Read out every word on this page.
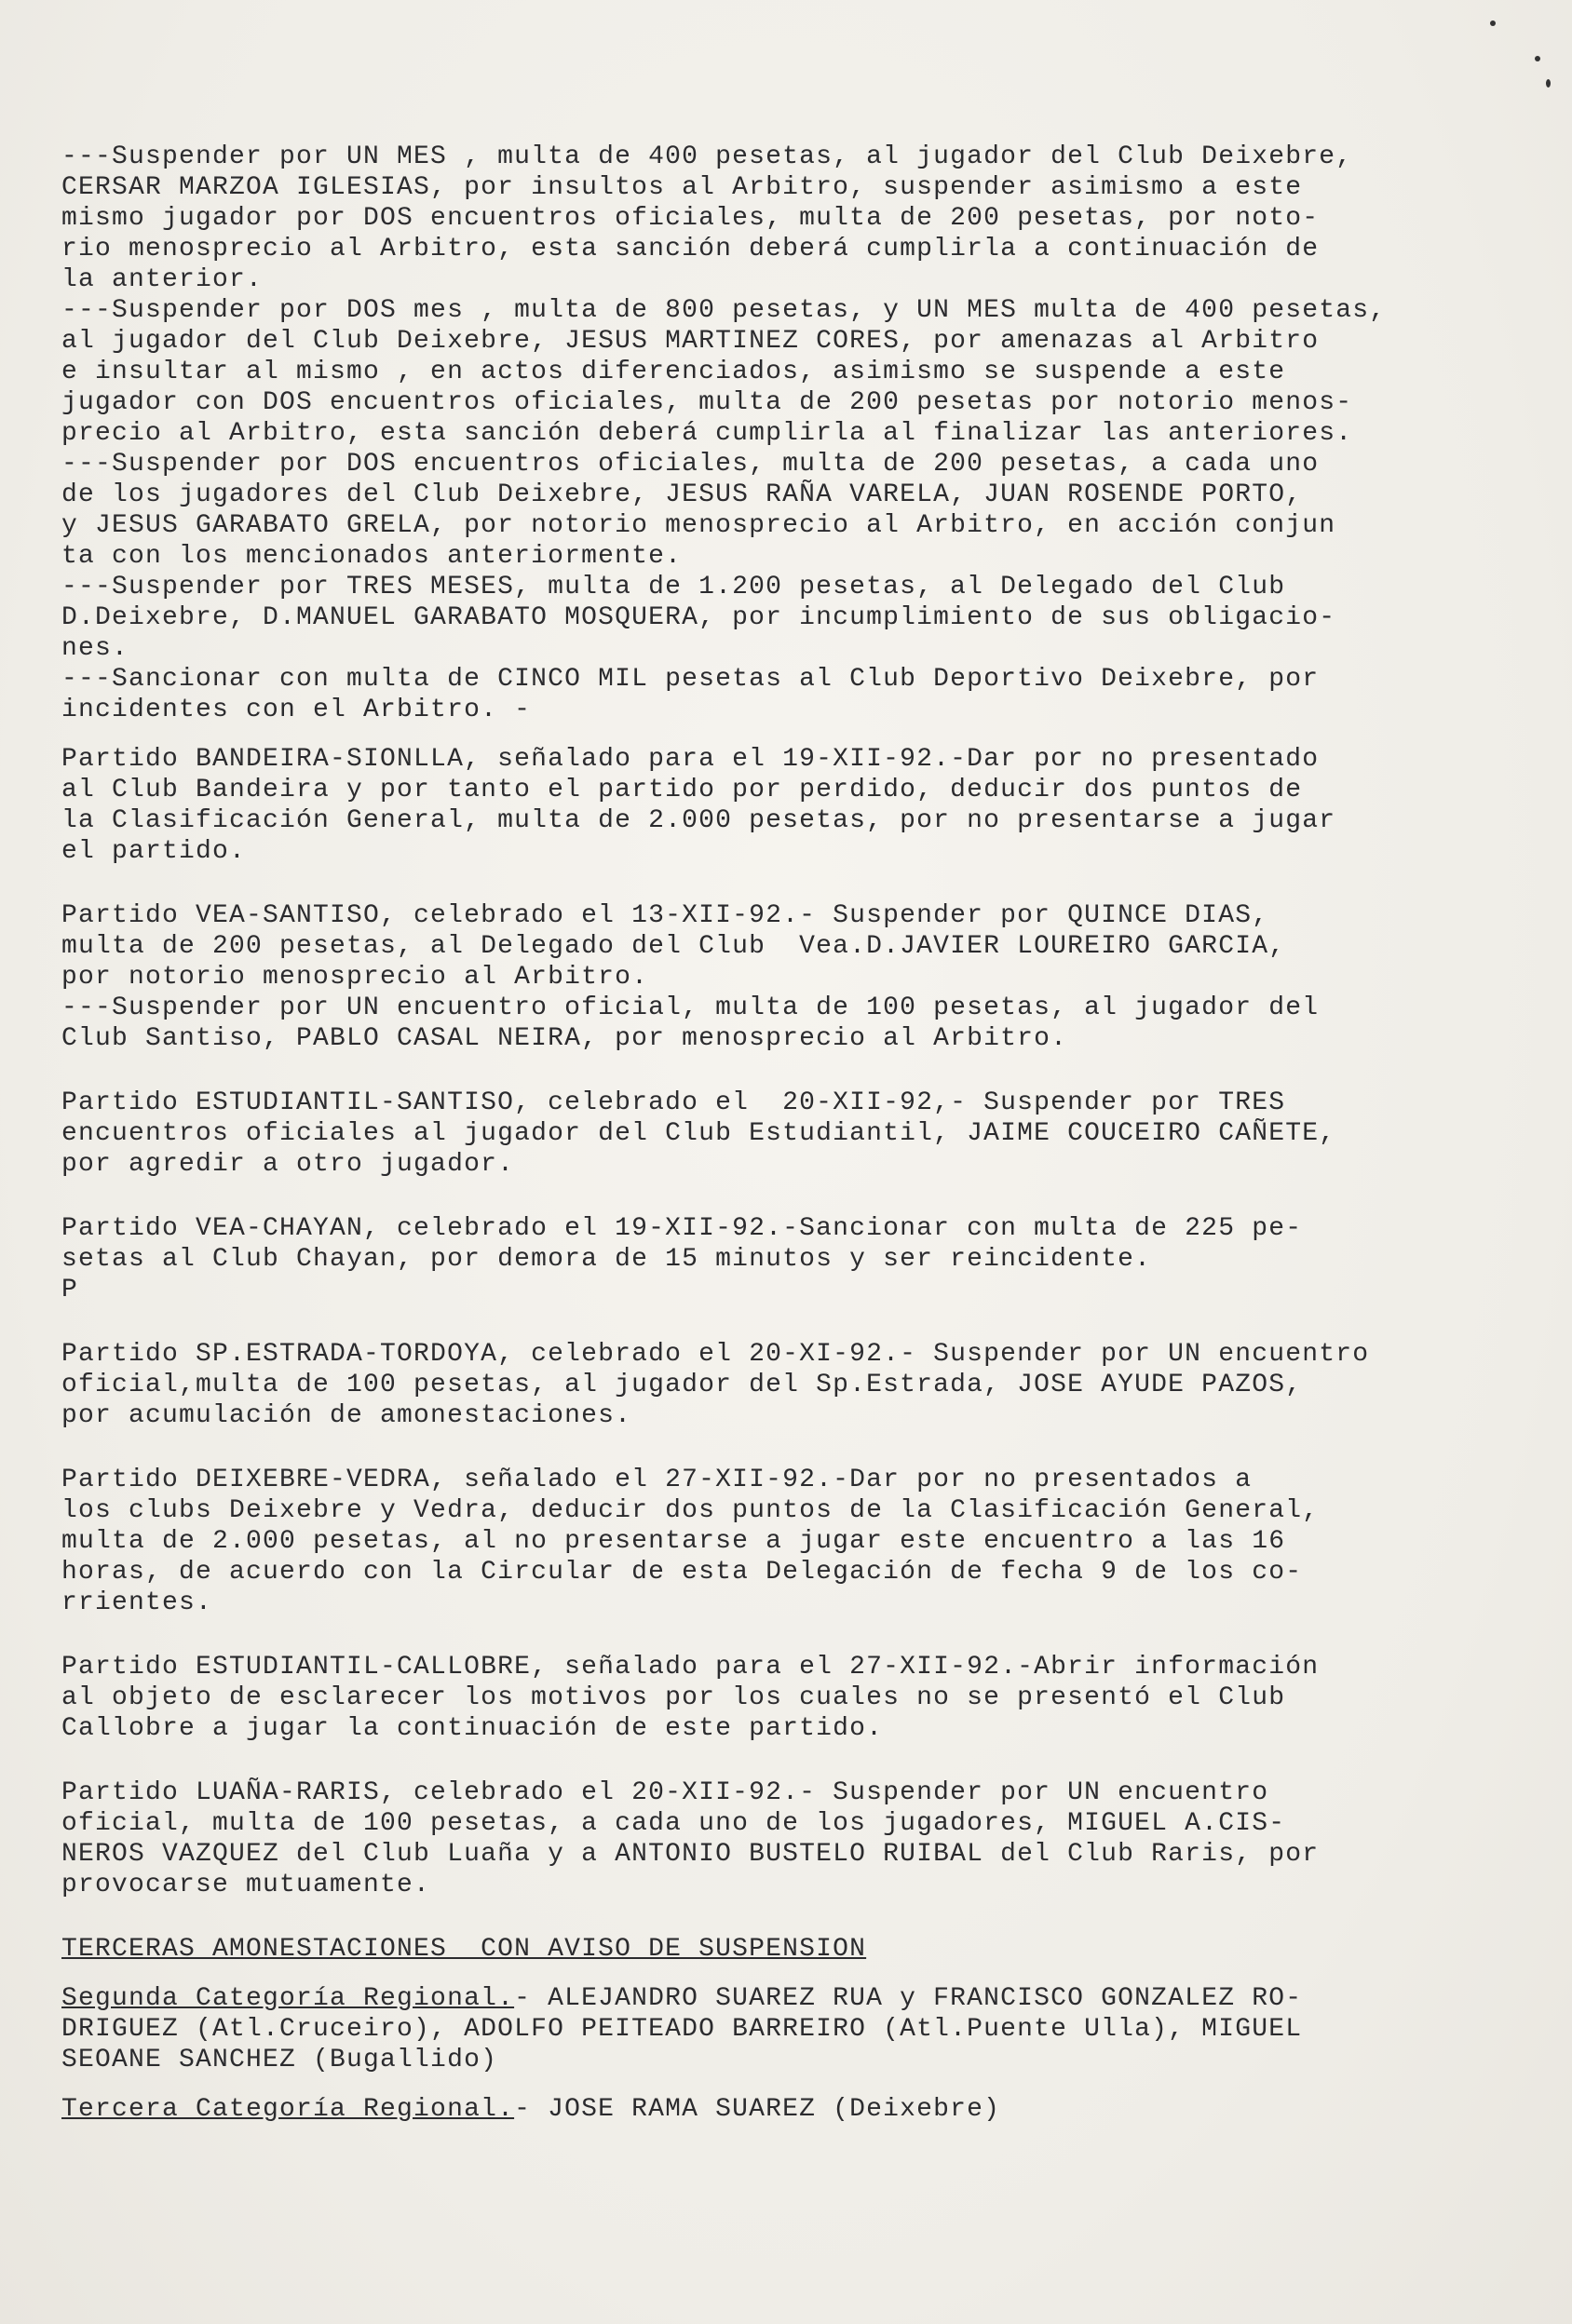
---Suspender por UN MES , multa de 400 pesetas, al jugador del Club Deixebre,
CERSAR MARZOA IGLESIAS, por insultos al Arbitro, suspender asimismo a este
mismo jugador por DOS encuentros oficiales, multa de 200 pesetas, por noto-
rio menosprecio al Arbitro, esta sanción deberá cumplirla a continuación de
la anterior.
---Suspender por DOS mes , multa de 800 pesetas, y UN MES multa de 400 pesetas,
al jugador del Club Deixebre, JESUS MARTINEZ CORES, por amenazas al Arbitro
e insultar al mismo , en actos diferenciados, asimismo se suspende a este
jugador con DOS encuentros oficiales, multa de 200 pesetas por notorio menos-
precio al Arbitro, esta sanción deberá cumplirla al finalizar las anteriores.
---Suspender por DOS encuentros oficiales, multa de 200 pesetas, a cada uno
de los jugadores del Club Deixebre, JESUS RAÑA VARELA, JUAN ROSENDE PORTO,
y JESUS GARABATO GRELA, por notorio menosprecio al Arbitro, en acción conjun
ta con los mencionados anteriormente.
---Suspender por TRES MESES, multa de 1.200 pesetas, al Delegado del Club
D.Deixebre, D.MANUEL GARABATO MOSQUERA, por incumplimiento de sus obligacio-
nes.
---Sancionar con multa de CINCO MIL pesetas al Club Deportivo Deixebre, por
incidentes con el Arbitro. -
Partido BANDEIRA-SIONLLA, señalado para el 19-XII-92.-Dar por no presentado
al Club Bandeira y por tanto el partido por perdido, deducir dos puntos de
la Clasificación General, multa de 2.000 pesetas, por no presentarse a jugar
el partido.
Partido VEA-SANTISO, celebrado el 13-XII-92.- Suspender por QUINCE DIAS,
multa de 200 pesetas, al Delegado del Club  Vea.D.JAVIER LOUREIRO GARCIA,
por notorio menosprecio al Arbitro.
---Suspender por UN encuentro oficial, multa de 100 pesetas, al jugador del
Club Santiso, PABLO CASAL NEIRA, por menosprecio al Arbitro.
Partido ESTUDIANTIL-SANTISO, celebrado el  20-XII-92,- Suspender por TRES
encuentros oficiales al jugador del Club Estudiantil, JAIME COUCEIRO CAÑETE,
por agredir a otro jugador.
Partido VEA-CHAYAN, celebrado el 19-XII-92.-Sancionar con multa de 225 pe-
setas al Club Chayan, por demora de 15 minutos y ser reincidente.
P
Partido SP.ESTRADA-TORDOYA, celebrado el 20-XI-92.- Suspender por UN encuentro
oficial,multa de 100 pesetas, al jugador del Sp.Estrada, JOSE AYUDE PAZOS,
por acumulación de amonestaciones.
Partido DEIXEBRE-VEDRA, señalado el 27-XII-92.-Dar por no presentados a
los clubs Deixebre y Vedra, deducir dos puntos de la Clasificación General,
multa de 2.000 pesetas, al no presentarse a jugar este encuentro a las 16
horas, de acuerdo con la Circular de esta Delegación de fecha 9 de los co-
rrientes.
Partido ESTUDIANTIL-CALLOBRE, señalado para el 27-XII-92.-Abrir información
al objeto de esclarecer los motivos por los cuales no se presentó el Club
Callobre a jugar la continuación de este partido.
Partido LUAÑA-RARIS, celebrado el 20-XII-92.- Suspender por UN encuentro
oficial, multa de 100 pesetas, a cada uno de los jugadores, MIGUEL A.CIS-
NEROS VAZQUEZ del Club Luaña y a ANTONIO BUSTELO RUIBAL del Club Raris, por
provocarse mutuamente.
TERCERAS AMONESTACIONES  CON AVISO DE SUSPENSION
Segunda Categoría Regional.- ALEJANDRO SUAREZ RUA y FRANCISCO GONZALEZ RO-
DRIGUEZ (Atl.Cruceiro), ADOLFO PEITEADO BARREIRO (Atl.Puente Ulla), MIGUEL
SEOANE SANCHEZ (Bugallido)
Tercera Categoría Regional.- JOSE RAMA SUAREZ (Deixebre)
